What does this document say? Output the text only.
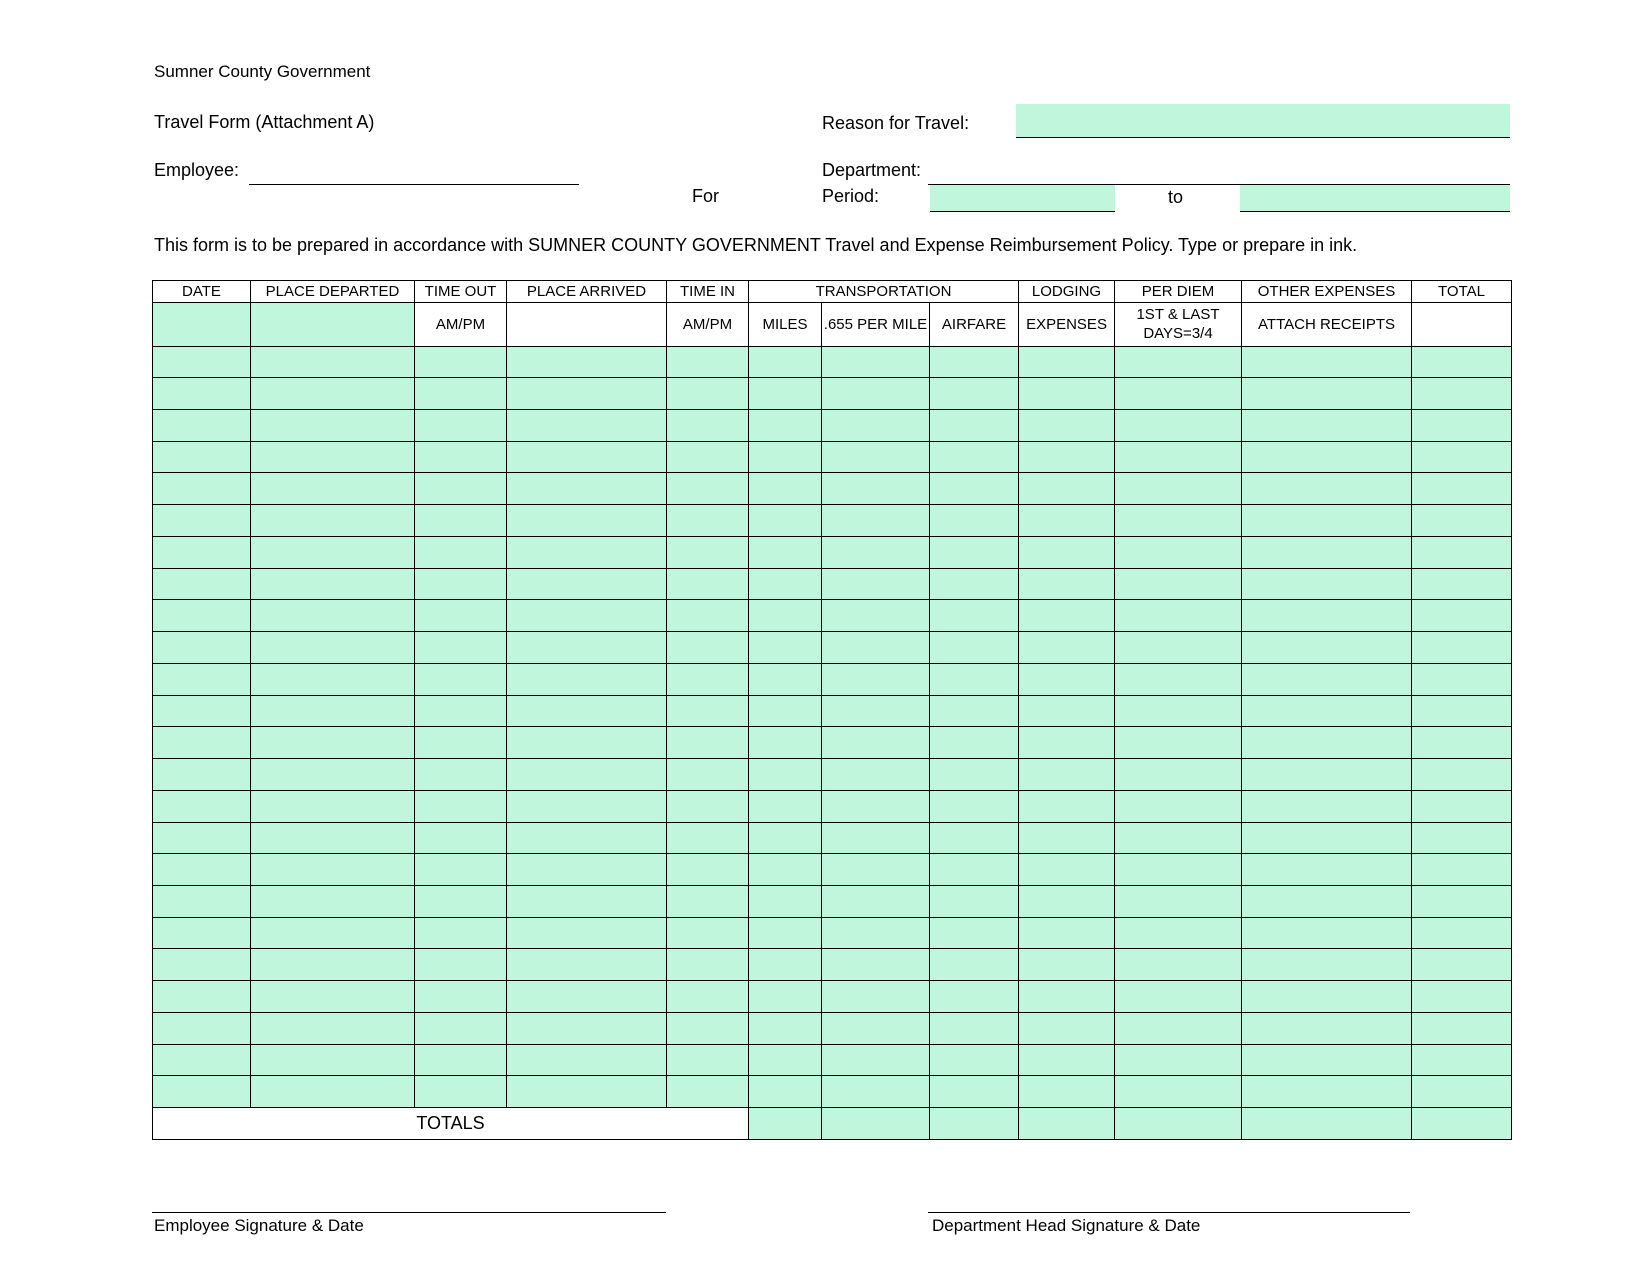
Sumner County Government
Travel Form (Attachment A)	Reason for Travel:
Employee:	Department:
For	Period:	to
This form is to be prepared in accordance with SUMNER COUNTY GOVERNMENT Travel and Expense Reimbursement Policy. Type or prepare in ink.
DATE	PLACE DEPARTED	TIME OUT	PLACE ARRIVED	TIME IN	TRANSPORTATION			LODGING	PER DIEM	OTHER EXPENSES	TOTAL
		AM/PM		AM/PM	MILES	.655 PER MILE	AIRFARE	EXPENSES	1ST & LAST DAYS=3/4	ATTACH RECEIPTS	

TOTALS											
Employee Signature & Date	Department Head Signature & Date
